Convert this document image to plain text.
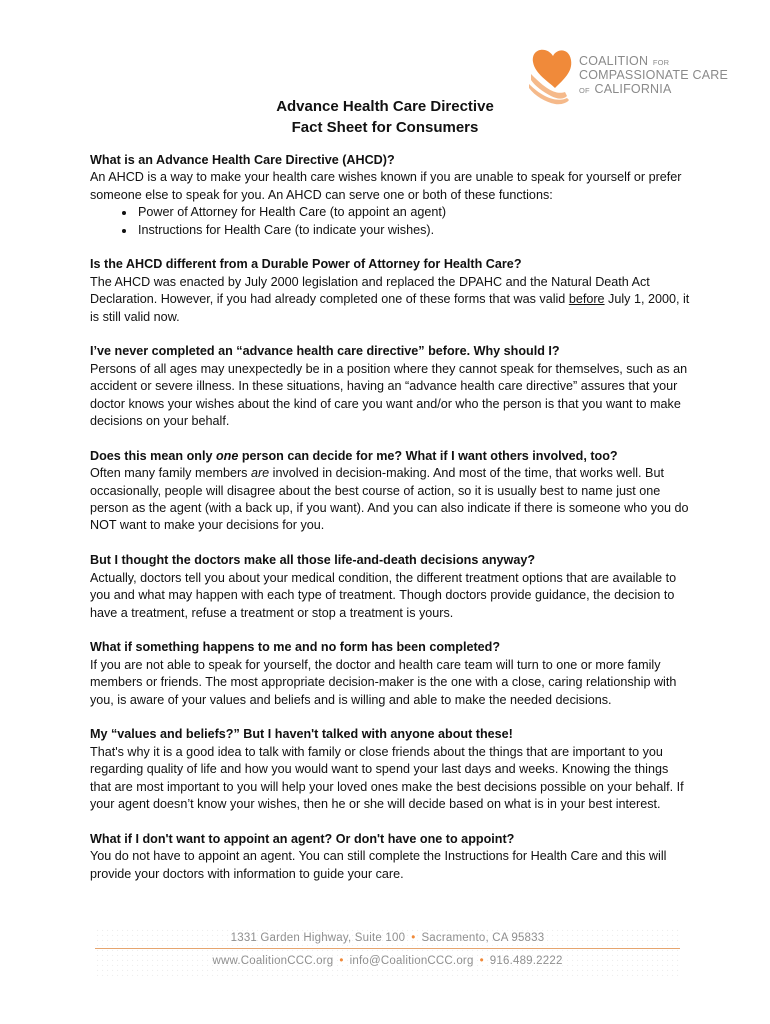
COALITION FOR
COMPASSIONATE CARE
OF CALIFORNIA
Advance Health Care Directive
Fact Sheet for Consumers
What is an Advance Health Care Directive (AHCD)?
An AHCD is a way to make your health care wishes known if you are unable to speak for yourself or prefer someone else to speak for you. An AHCD can serve one or both of these functions:
• Power of Attorney for Health Care (to appoint an agent)
• Instructions for Health Care (to indicate your wishes).
Is the AHCD different from a Durable Power of Attorney for Health Care?
The AHCD was enacted by July 2000 legislation and replaced the DPAHC and the Natural Death Act Declaration. However, if you had already completed one of these forms that was valid before July 1, 2000, it is still valid now.
I’ve never completed an “advance health care directive” before. Why should I?
Persons of all ages may unexpectedly be in a position where they cannot speak for themselves, such as an accident or severe illness. In these situations, having an “advance health care directive” assures that your doctor knows your wishes about the kind of care you want and/or who the person is that you want to make decisions on your behalf.
Does this mean only one person can decide for me? What if I want others involved, too?
Often many family members are involved in decision-making. And most of the time, that works well. But occasionally, people will disagree about the best course of action, so it is usually best to name just one person as the agent (with a back up, if you want). And you can also indicate if there is someone who you do NOT want to make your decisions for you.
But I thought the doctors make all those life-and-death decisions anyway?
Actually, doctors tell you about your medical condition, the different treatment options that are available to you and what may happen with each type of treatment. Though doctors provide guidance, the decision to have a treatment, refuse a treatment or stop a treatment is yours.
What if something happens to me and no form has been completed?
If you are not able to speak for yourself, the doctor and health care team will turn to one or more family members or friends. The most appropriate decision-maker is the one with a close, caring relationship with you, is aware of your values and beliefs and is willing and able to make the needed decisions.
My “values and beliefs?” But I haven't talked with anyone about these!
That's why it is a good idea to talk with family or close friends about the things that are important to you regarding quality of life and how you would want to spend your last days and weeks. Knowing the things that are most important to you will help your loved ones make the best decisions possible on your behalf. If your agent doesn’t know your wishes, then he or she will decide based on what is in your best interest.
What if I don't want to appoint an agent? Or don't have one to appoint?
You do not have to appoint an agent. You can still complete the Instructions for Health Care and this will provide your doctors with information to guide your care.
1331 Garden Highway, Suite 100 • Sacramento, CA 95833
www.CoalitionCCC.org • info@CoalitionCCC.org • 916.489.2222
